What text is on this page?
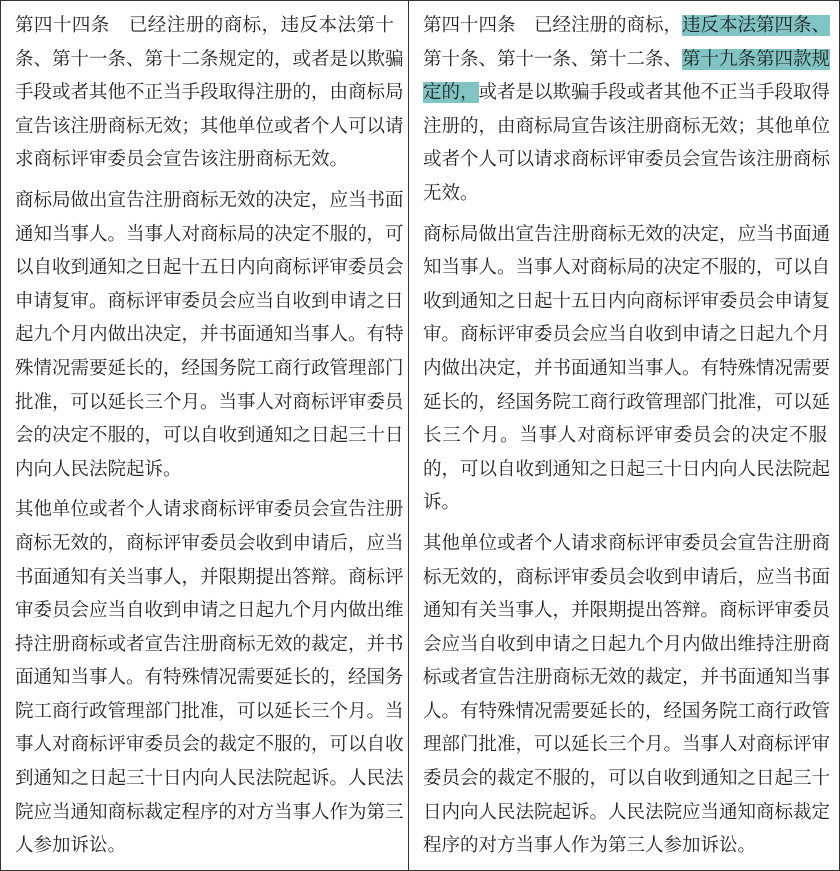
第四十四条　已经注册的商标，违反本法第十
条、第十一条、第十二条规定的，或者是以欺骗
手段或者其他不正当手段取得注册的，由商标局
宣告该注册商标无效；其他单位或者个人可以请
求商标评审委员会宣告该注册商标无效。
商标局做出宣告注册商标无效的决定，应当书面
通知当事人。当事人对商标局的决定不服的，可
以自收到通知之日起十五日内向商标评审委员会
申请复审。商标评审委员会应当自收到申请之日
起九个月内做出决定，并书面通知当事人。有特
殊情况需要延长的，经国务院工商行政管理部门
批准，可以延长三个月。当事人对商标评审委员
会的决定不服的，可以自收到通知之日起三十日
内向人民法院起诉。
其他单位或者个人请求商标评审委员会宣告注册
商标无效的，商标评审委员会收到申请后，应当
书面通知有关当事人，并限期提出答辩。商标评
审委员会应当自收到申请之日起九个月内做出维
持注册商标或者宣告注册商标无效的裁定，并书
面通知当事人。有特殊情况需要延长的，经国务
院工商行政管理部门批准，可以延长三个月。当
事人对商标评审委员会的裁定不服的，可以自收
到通知之日起三十日内向人民法院起诉。人民法
院应当通知商标裁定程序的对方当事人作为第三
人参加诉讼。
第四十四条　已经注册的商标，违反本法第四条、
第十条、第十一条、第十二条、第十九条第四款规
定的，或者是以欺骗手段或者其他不正当手段取得
注册的，由商标局宣告该注册商标无效；其他单位
或者个人可以请求商标评审委员会宣告该注册商标
无效。
商标局做出宣告注册商标无效的决定，应当书面通
知当事人。当事人对商标局的决定不服的，可以自
收到通知之日起十五日内向商标评审委员会申请复
审。商标评审委员会应当自收到申请之日起九个月
内做出决定，并书面通知当事人。有特殊情况需要
延长的，经国务院工商行政管理部门批准，可以延
长三个月。当事人对商标评审委员会的决定不服
的，可以自收到通知之日起三十日内向人民法院起
诉。
其他单位或者个人请求商标评审委员会宣告注册商
标无效的，商标评审委员会收到申请后，应当书面
通知有关当事人，并限期提出答辩。商标评审委员
会应当自收到申请之日起九个月内做出维持注册商
标或者宣告注册商标无效的裁定，并书面通知当事
人。有特殊情况需要延长的，经国务院工商行政管
理部门批准，可以延长三个月。当事人对商标评审
委员会的裁定不服的，可以自收到通知之日起三十
日内向人民法院起诉。人民法院应当通知商标裁定
程序的对方当事人作为第三人参加诉讼。
